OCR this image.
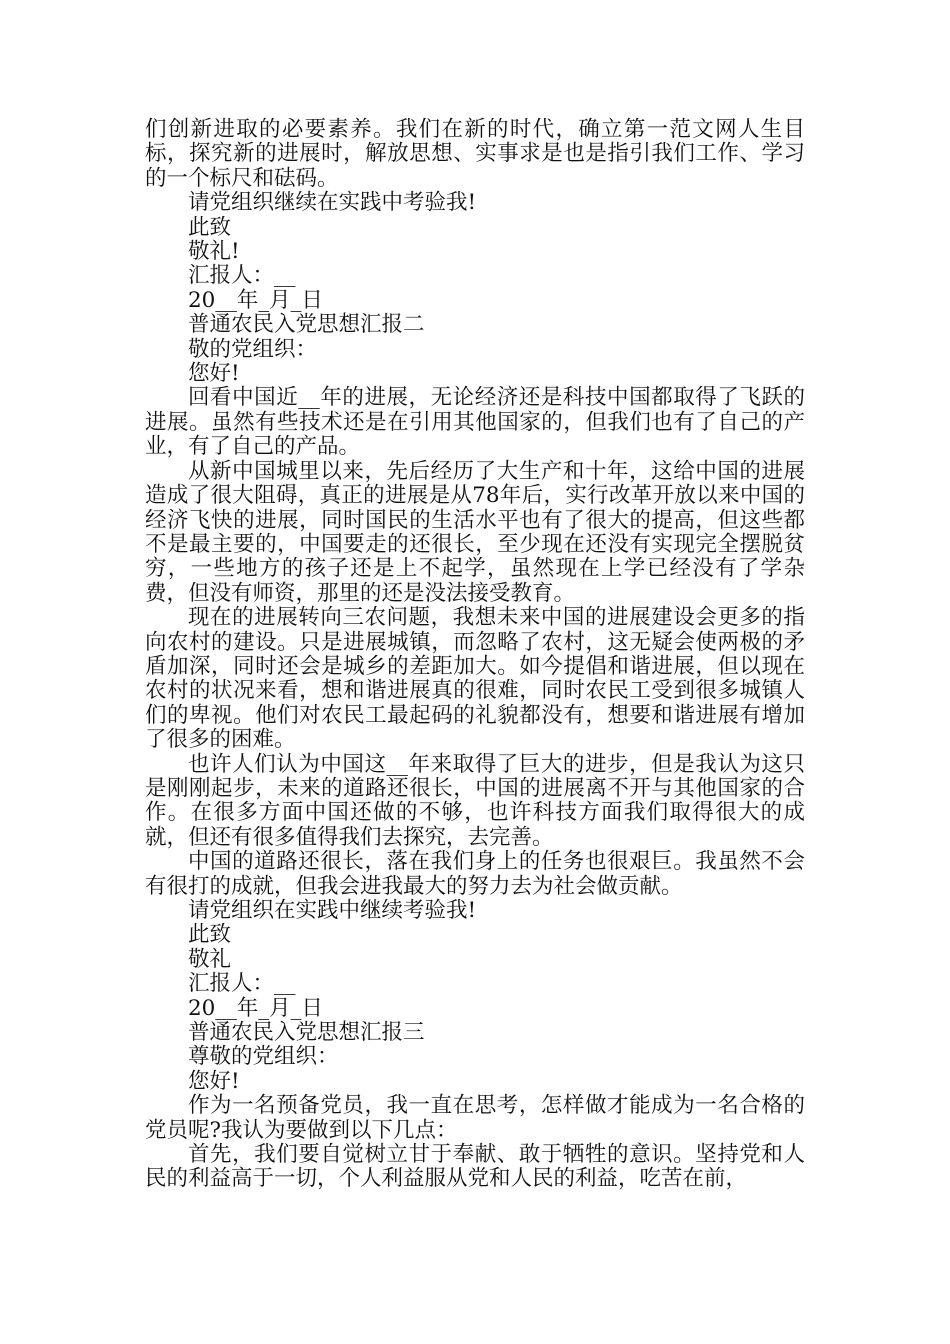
们创新进取的必要素养。我们在新的时代，确立第一范文网人生目标，探究新的进展时，解放思想、实事求是也是指引我们工作、学习的一个标尺和砝码。

请党组织继续在实践中考验我!

此致

敬礼!

汇报人：__

20__年_月_日

普通农民入党思想汇报二

敬的党组织：

您好!

回看中国近__年的进展，无论经济还是科技中国都取得了飞跃的进展。虽然有些技术还是在引用其他国家的，但我们也有了自己的产业，有了自己的产品。

从新中国城里以来，先后经历了大生产和十年，这给中国的进展造成了很大阻碍，真正的进展是从78年后，实行改革开放以来中国的经济飞快的进展，同时国民的生活水平也有了很大的提高，但这些都不是最主要的，中国要走的还很长，至少现在还没有实现完全摆脱贫穷，一些地方的孩子还是上不起学，虽然现在上学已经没有了学杂费，但没有师资，那里的还是没法接受教育。

现在的进展转向三农问题，我想未来中国的进展建设会更多的指向农村的建设。只是进展城镇，而忽略了农村，这无疑会使两极的矛盾加深，同时还会是城乡的差距加大。如今提倡和谐进展，但以现在农村的状况来看，想和谐进展真的很难，同时农民工受到很多城镇人们的卑视。他们对农民工最起码的礼貌都没有，想要和谐进展有增加了很多的困难。

也许人们认为中国这__年来取得了巨大的进步，但是我认为这只是刚刚起步，未来的道路还很长，中国的进展离不开与其他国家的合作。在很多方面中国还做的不够，也许科技方面我们取得很大的成就，但还有很多值得我们去探究，去完善。

中国的道路还很长，落在我们身上的任务也很艰巨。我虽然不会有很打的成就，但我会进我最大的努力去为社会做贡献。

请党组织在实践中继续考验我!

此致

敬礼

汇报人：__

20__年_月_日

普通农民入党思想汇报三

尊敬的党组织：

您好!

作为一名预备党员，我一直在思考，怎样做才能成为一名合格的党员呢?我认为要做到以下几点：

首先，我们要自觉树立甘于奉献、敢于牺牲的意识。坚持党和人民的利益高于一切，个人利益服从党和人民的利益，吃苦在前，
